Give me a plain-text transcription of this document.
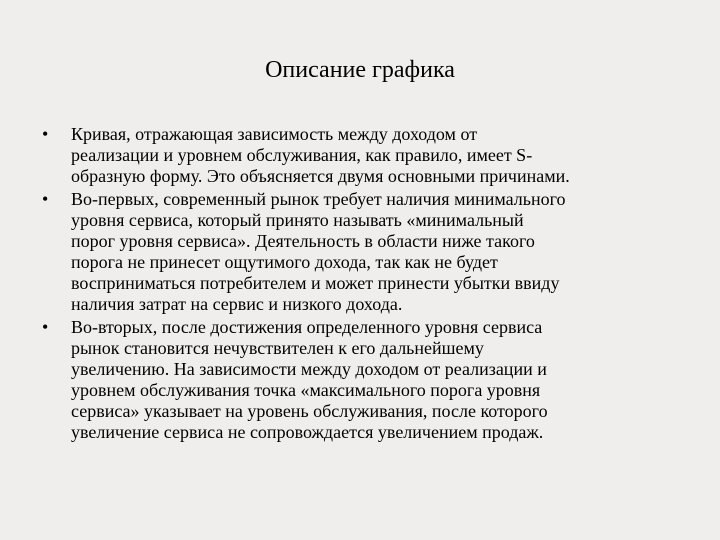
Описание графика
• Кривая, отражающая зависимость между доходом от
реализации и уровнем обслуживания, как правило, имеет S-
образную форму. Это объясняется двумя основными причинами.
• Во-первых, современный рынок требует наличия минимального
уровня сервиса, который принято называть «минимальный
порог уровня сервиса». Деятельность в области ниже такого
порога не принесет ощутимого дохода, так как не будет
восприниматься потребителем и может принести убытки ввиду
наличия затрат на сервис и низкого дохода.
• Во-вторых, после достижения определенного уровня сервиса
рынок становится нечувствителен к его дальнейшему
увеличению. На зависимости между доходом от реализации и
уровнем обслуживания точка «максимального порога уровня
сервиса» указывает на уровень обслуживания, после которого
увеличение сервиса не сопровождается увеличением продаж.
